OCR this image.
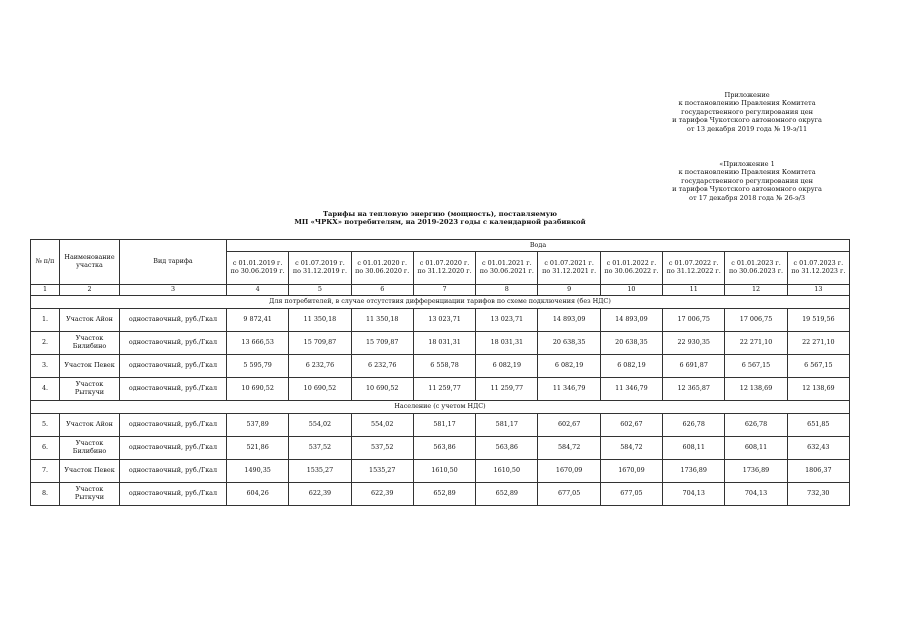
Приложение
к постановлению Правления Комитета
государственного регулирования цен
и тарифов Чукотского автономного округа
от 13 декабря 2019 года № 19-э/11
«Приложение 1
к постановлению Правления Комитета
государственного регулирования цен
и тарифов Чукотского автономного округа
от 17 декабря 2018 года № 26-э/3
Тарифы на тепловую энергию (мощность), поставляемую
МП «ЧРКХ» потребителям, на 2019-2023 годы с календарной разбивкой
№ п/п	Наименование участка	Вид тарифа	Вода									
			с 01.01.2019 г. по 30.06.2019 г.	с 01.07.2019 г. по 31.12.2019 г.	с 01.01.2020 г. по 30.06.2020 г.	с 01.07.2020 г. по 31.12.2020 г.	с 01.01.2021 г. по 30.06.2021 г.	с 01.07.2021 г. по 31.12.2021 г.	с 01.01.2022 г. по 30.06.2022 г.	с 01.07.2022 г. по 31.12.2022 г.	с 01.01.2023 г. по 30.06.2023 г.	с 01.07.2023 г. по 31.12.2023 г.
1	2	3	4	5	6	7	8	9	10	11	12	13
Для потребителей, в случае отсутствия дифференциации тарифов по схеме подключения (без НДС)												
1.	Участок Айон	одноставочный, руб./Гкал	9 872,41	11 350,18	11 350,18	13 023,71	13 023,71	14 893,09	14 893,09	17 006,75	17 006,75	19 519,56
2.	Участок Билибино	одноставочный, руб./Гкал	13 666,53	15 709,87	15 709,87	18 031,31	18 031,31	20 638,35	20 638,35	22 930,35	22 271,10	22 271,10
3.	Участок Певек	одноставочный, руб./Гкал	5 595,79	6 232,76	6 232,76	6 558,78	6 082,19	6 082,19	6 082,19	6 691,87	6 567,15	6 567,15
4.	Участок Рыткучи	одноставочный, руб./Гкал	10 690,52	10 690,52	10 690,52	11 259,77	11 259,77	11 346,79	11 346,79	12 365,87	12 138,69	12 138,69
Население (с учетом НДС)												
5.	Участок Айон	одноставочный, руб./Гкал	537,89	554,02	554,02	581,17	581,17	602,67	602,67	626,78	626,78	651,85
6.	Участок Билибино	одноставочный, руб./Гкал	521,86	537,52	537,52	563,86	563,86	584,72	584,72	608,11	608,11	632,43
7.	Участок Певек	одноставочный, руб./Гкал	1490,35	1535,27	1535,27	1610,50	1610,50	1670,09	1670,09	1736,89	1736,89	1806,37
8.	Участок Рыткучи	одноставочный, руб./Гкал	604,26	622,39	622,39	652,89	652,89	677,05	677,05	704,13	704,13	732,30
